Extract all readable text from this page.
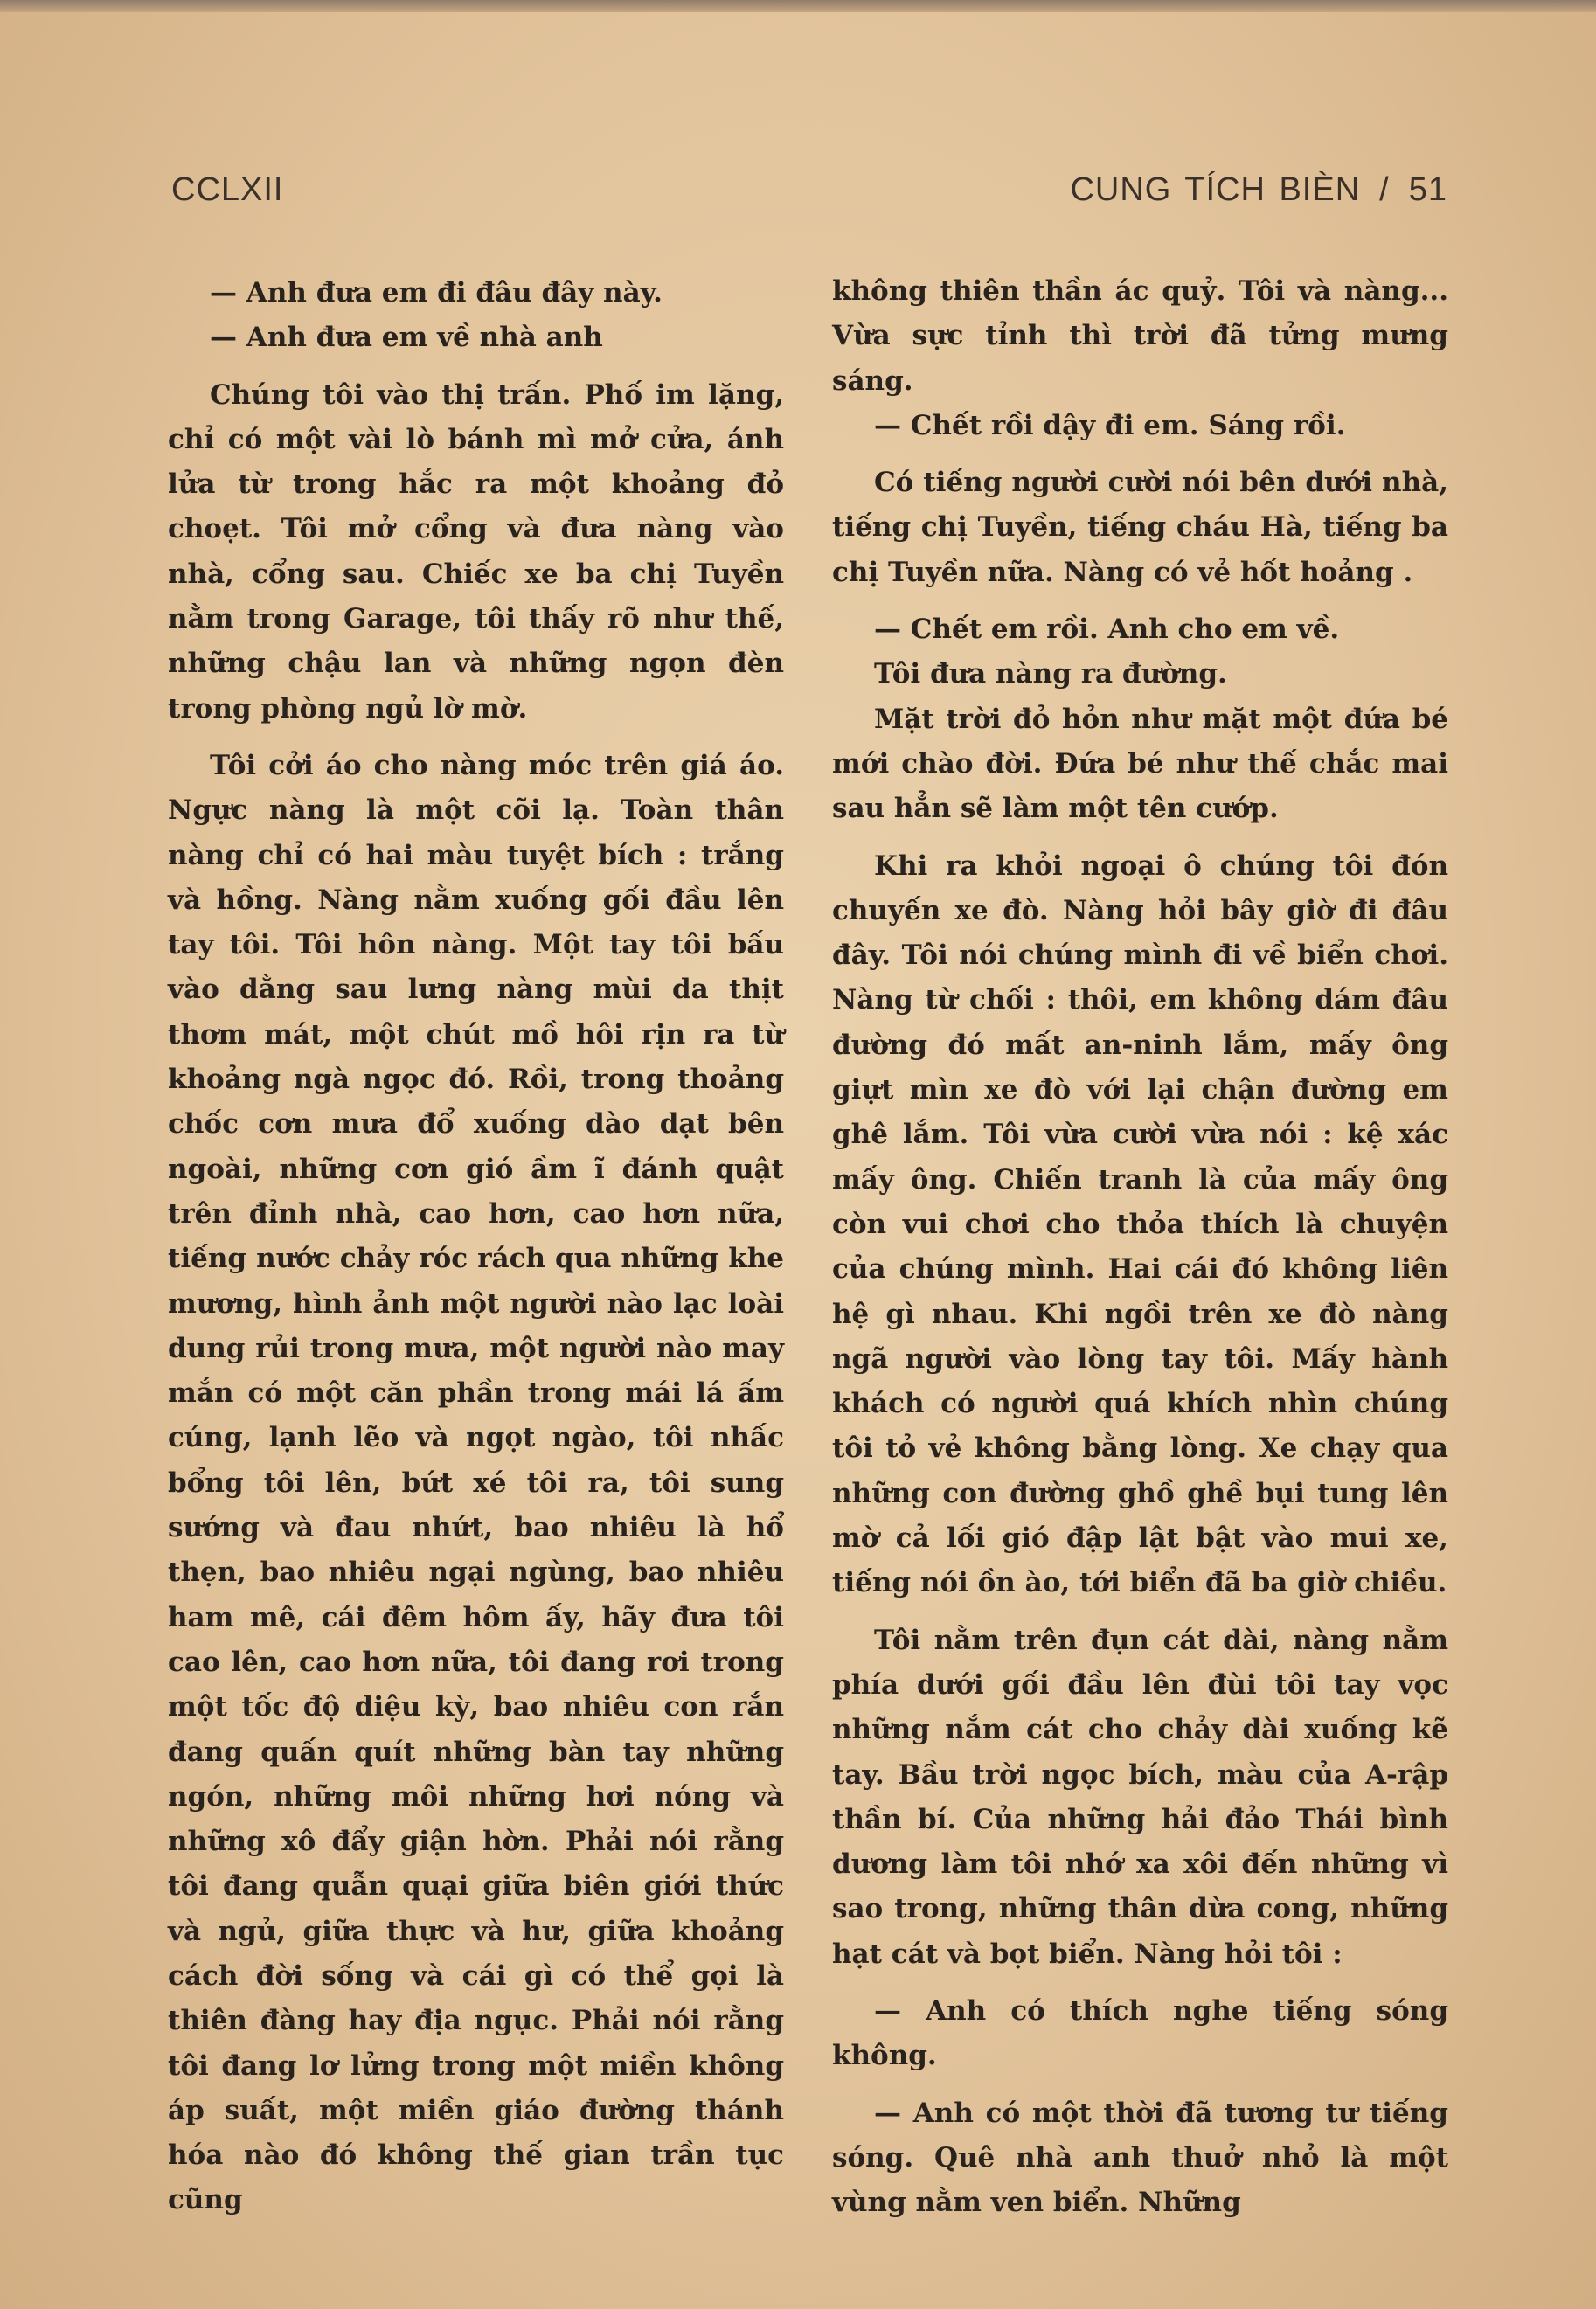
CCLXII	CUNG TÍCH BIÈN / 51

— Anh đưa em đi đâu đây này.

— Anh đưa em về nhà anh

Chúng tôi vào thị trấn. Phố im lặng, chỉ có một vài lò bánh mì mở cửa, ánh lửa từ trong hắc ra một khoảng đỏ choẹt. Tôi mở cổng và đưa nàng vào nhà, cổng sau. Chiếc xe ba chị Tuyền nằm trong Garage, tôi thấy rõ như thế, những chậu lan và những ngọn đèn trong phòng ngủ lờ mờ.

Tôi cởi áo cho nàng móc trên giá áo. Ngực nàng là một cõi lạ. Toàn thân nàng chỉ có hai màu tuyệt bích : trắng và hồng. Nàng nằm xuống gối đầu lên tay tôi. Tôi hôn nàng. Một tay tôi bấu vào dằng sau lưng nàng mùi da thịt thơm mát, một chút mồ hôi rịn ra từ khoảng ngà ngọc đó. Rồi, trong thoảng chốc cơn mưa đổ xuống dào dạt bên ngoài, những cơn gió ầm ĩ đánh quật trên đỉnh nhà, cao hơn, cao hơn nữa, tiếng nước chảy róc rách qua những khe mương, hình ảnh một người nào lạc loài dung rủi trong mưa, một người nào may mắn có một căn phần trong mái lá ấm cúng, lạnh lẽo và ngọt ngào, tôi nhấc bổng tôi lên, bứt xé tôi ra, tôi sung sướng và đau nhứt, bao nhiêu là hổ thẹn, bao nhiêu ngại ngùng, bao nhiêu ham mê, cái đêm hôm ấy, hãy đưa tôi cao lên, cao hơn nữa, tôi đang rơi trong một tốc độ diệu kỳ, bao nhiêu con rắn đang quấn quít những bàn tay những ngón, những môi những hơi nóng và những xô đẩy giận hờn. Phải nói rằng tôi đang quẫn quại giữa biên giới thức và ngủ, giữa thực và hư, giữa khoảng cách đời sống và cái gì có thể gọi là thiên đàng hay địa ngục. Phải nói rằng tôi đang lơ lửng trong một miền không áp suất, một miền giáo đường thánh hóa nào đó không thế gian trần tục cũng

không thiên thần ác quỷ. Tôi và nàng... Vừa sực tỉnh thì trời đã tửng mưng sáng.

— Chết rồi dậy đi em. Sáng rồi.

Có tiếng người cười nói bên dưới nhà, tiếng chị Tuyền, tiếng cháu Hà, tiếng ba chị Tuyền nữa. Nàng có vẻ hốt hoảng .

— Chết em rồi. Anh cho em về.

Tôi đưa nàng ra đường.

Mặt trời đỏ hỏn như mặt một đứa bé mới chào đời. Đứa bé như thế chắc mai sau hẳn sẽ làm một tên cướp.

Khi ra khỏi ngoại ô chúng tôi đón chuyến xe đò. Nàng hỏi bây giờ đi đâu đây. Tôi nói chúng mình đi về biển chơi. Nàng từ chối : thôi, em không dám đâu đường đó mất an-ninh lắm, mấy ông giựt mìn xe đò với lại chận đường em ghê lắm. Tôi vừa cười vừa nói : kệ xác mấy ông. Chiến tranh là của mấy ông còn vui chơi cho thỏa thích là chuyện của chúng mình. Hai cái đó không liên hệ gì nhau. Khi ngồi trên xe đò nàng ngã người vào lòng tay tôi. Mấy hành khách có người quá khích nhìn chúng tôi tỏ vẻ không bằng lòng. Xe chạy qua những con đường ghồ ghề bụi tung lên mờ cả lối gió đập lật bật vào mui xe, tiếng nói ồn ào, tới biển đã ba giờ chiều.

Tôi nằm trên đụn cát dài, nàng nằm phía dưới gối đầu lên đùi tôi tay vọc những nắm cát cho chảy dài xuống kẽ tay. Bầu trời ngọc bích, màu của A-rập thần bí. Của những hải đảo Thái bình dương làm tôi nhớ xa xôi đến những vì sao trong, những thân dừa cong, những hạt cát và bọt biển. Nàng hỏi tôi :

— Anh có thích nghe tiếng sóng không.

— Anh có một thời đã tương tư tiếng sóng. Quê nhà anh thuở nhỏ là một vùng nằm ven biển. Những
